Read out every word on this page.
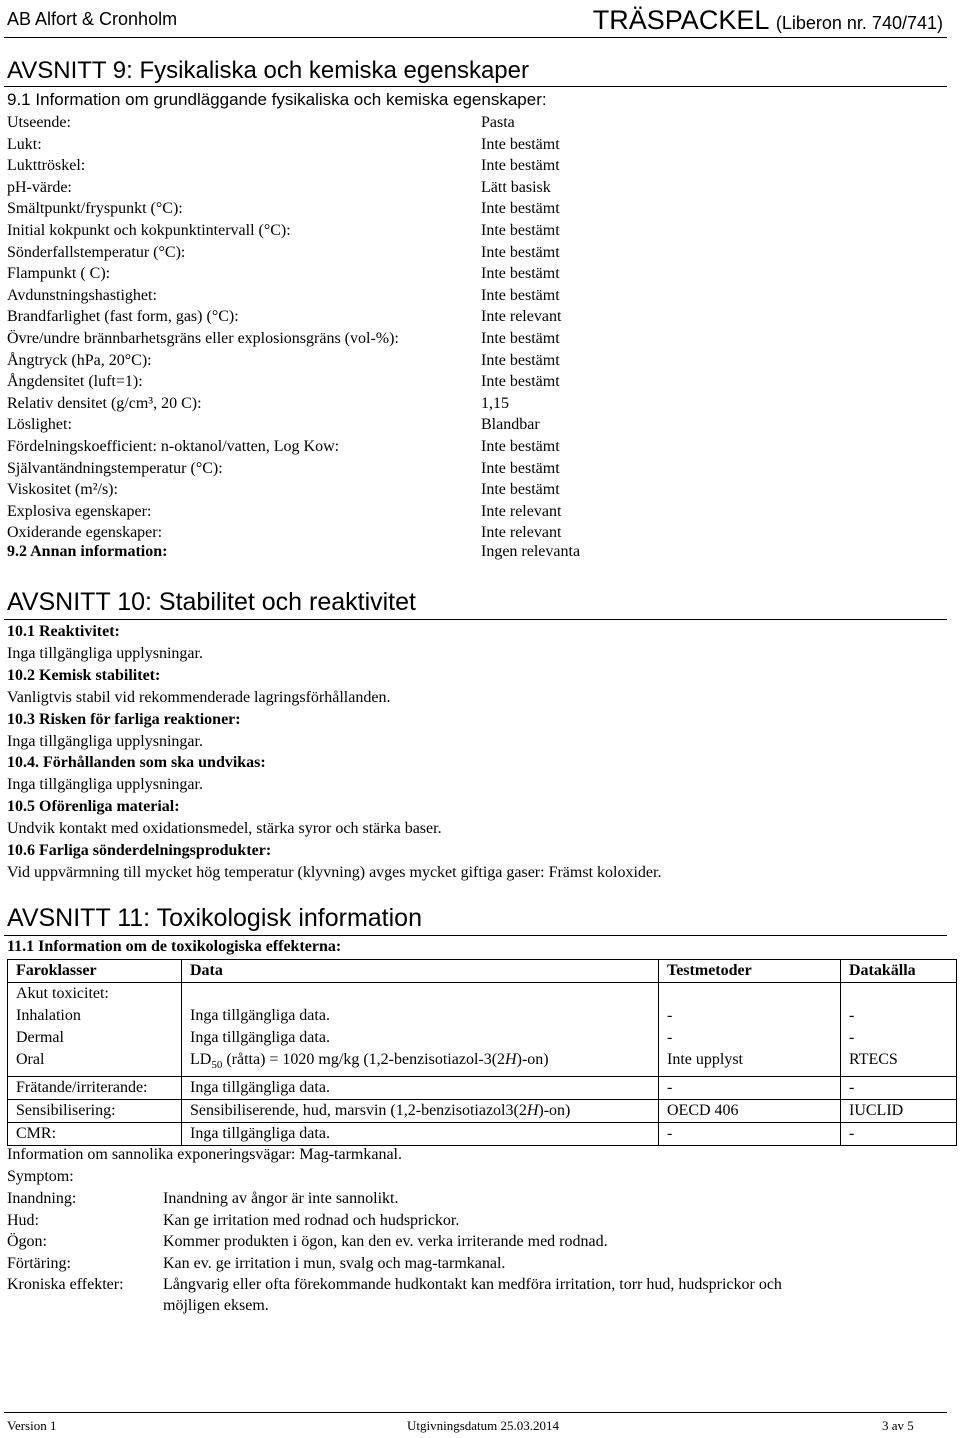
AB Alfort & Cronholm	TRÄSPACKEL (Liberon nr. 740/741)
AVSNITT 9: Fysikaliska och kemiska egenskaper
9.1 Information om grundläggande fysikaliska och kemiska egenskaper:
Utseende:	Pasta
Lukt:	Inte bestämt
Lukttröskel:	Inte bestämt
pH-värde:	Lätt basisk
Smältpunkt/fryspunkt (°C):	Inte bestämt
Initial kokpunkt och kokpunktintervall (°C):	Inte bestämt
Sönderfallstemperatur (°C):	Inte bestämt
Flampunkt ( C):	Inte bestämt
Avdunstningshastighet:	Inte bestämt
Brandfarlighet (fast form, gas) (°C):	Inte relevant
Övre/undre brännbarhetsgräns eller explosionsgräns (vol-%):	Inte bestämt
Ångtryck (hPa, 20°C):	Inte bestämt
Ångdensitet (luft=1):	Inte bestämt
Relativ densitet (g/cm³, 20 C):	1,15
Löslighet:	Blandbar
Fördelningskoefficient: n-oktanol/vatten, Log Kow:	Inte bestämt
Självantändningstemperatur (°C):	Inte bestämt
Viskositet (m²/s):	Inte bestämt
Explosiva egenskaper:	Inte relevant
Oxiderande egenskaper:	Inte relevant
9.2 Annan information:	Ingen relevanta
AVSNITT 10: Stabilitet och reaktivitet
10.1 Reaktivitet:
Inga tillgängliga upplysningar.
10.2 Kemisk stabilitet:
Vanligtvis stabil vid rekommenderade lagringsförhållanden.
10.3 Risken för farliga reaktioner:
Inga tillgängliga upplysningar.
10.4. Förhållanden som ska undvikas:
Inga tillgängliga upplysningar.
10.5 Oförenliga material:
Undvik kontakt med oxidationsmedel, stärka syror och stärka baser.
10.6 Farliga sönderdelningsprodukter:
Vid uppvärmning till mycket hög temperatur (klyvning) avges mycket giftiga gaser: Främst koloxider.
AVSNITT 11: Toxikologisk information
11.1 Information om de toxikologiska effekterna:
Faroklasser	Data	Testmetoder	Datakälla
Akut toxicitet:			
Inhalation	Inga tillgängliga data.	-	-
Dermal	Inga tillgängliga data.	-	-
Oral	$LD_{50}$ (råtta) = 1020 mg/kg (1,2-benzisotiazol-3(2H)-on)	Inte upplyst	RTECS
Frätande/irriterande:	Inga tillgängliga data.	-	-
Sensibilisering:	Sensibiliserende, hud, marsvin (1,2-benzisotiazol3(2H)-on)	OECD 406	IUCLID
CMR:	Inga tillgängliga data.	-	-
Information om sannolika exponeringsvägar: Mag-tarmkanal.
Symptom:
Inandning:	Inandning av ångor är inte sannolikt.
Hud:	Kan ge irritation med rodnad och hudsprickor.
Ögon:	Kommer produkten i ögon, kan den ev. verka irriterande med rodnad.
Förtäring:	Kan ev. ge irritation i mun, svalg och mag-tarmkanal.
Kroniska effekter: Långvarig eller ofta förekommande hudkontakt kan medföra irritation, torr hud, hudsprickor och
möjligen eksem.
Version 1	Utgivningsdatum 25.03.2014	3 av 5
